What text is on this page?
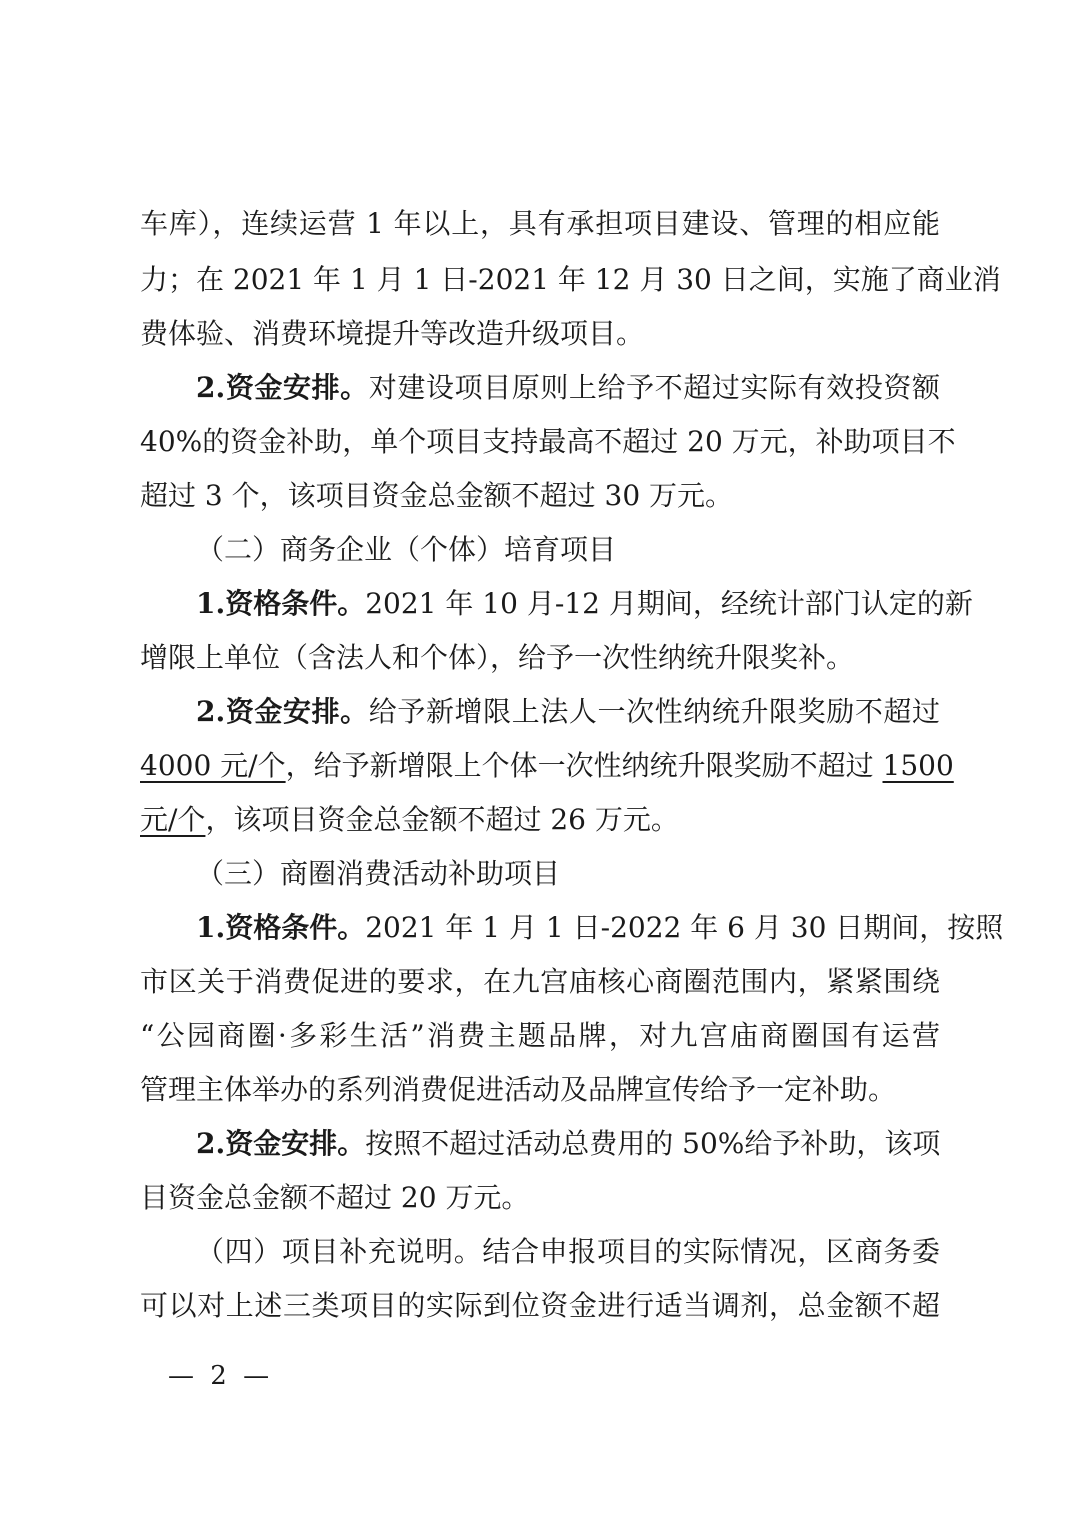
车库），连续运营 1 年以上，具有承担项目建设、管理的相应能
力；在 2021 年 1 月 1 日-2021 年 12 月 30 日之间，实施了商业消
费体验、消费环境提升等改造升级项目。
2.资金安排。对建设项目原则上给予不超过实际有效投资额
40%的资金补助，单个项目支持最高不超过 20 万元，补助项目不
超过 3 个，该项目资金总金额不超过 30 万元。
（二）商务企业（个体）培育项目
1.资格条件。2021 年 10 月-12 月期间，经统计部门认定的新
增限上单位（含法人和个体），给予一次性纳统升限奖补。
2.资金安排。给予新增限上法人一次性纳统升限奖励不超过
4000 元/个，给予新增限上个体一次性纳统升限奖励不超过 1500
元/个，该项目资金总金额不超过 26 万元。
（三）商圈消费活动补助项目
1.资格条件。2021 年 1 月 1 日-2022 年 6 月 30 日期间，按照
市区关于消费促进的要求，在九宫庙核心商圈范围内，紧紧围绕
“公园商圈·多彩生活”消费主题品牌，对九宫庙商圈国有运营
管理主体举办的系列消费促进活动及品牌宣传给予一定补助。
2.资金安排。按照不超过活动总费用的 50%给予补助，该项
目资金总金额不超过 20 万元。
（四）项目补充说明。结合申报项目的实际情况，区商务委
可以对上述三类项目的实际到位资金进行适当调剂，总金额不超
— 2 —
